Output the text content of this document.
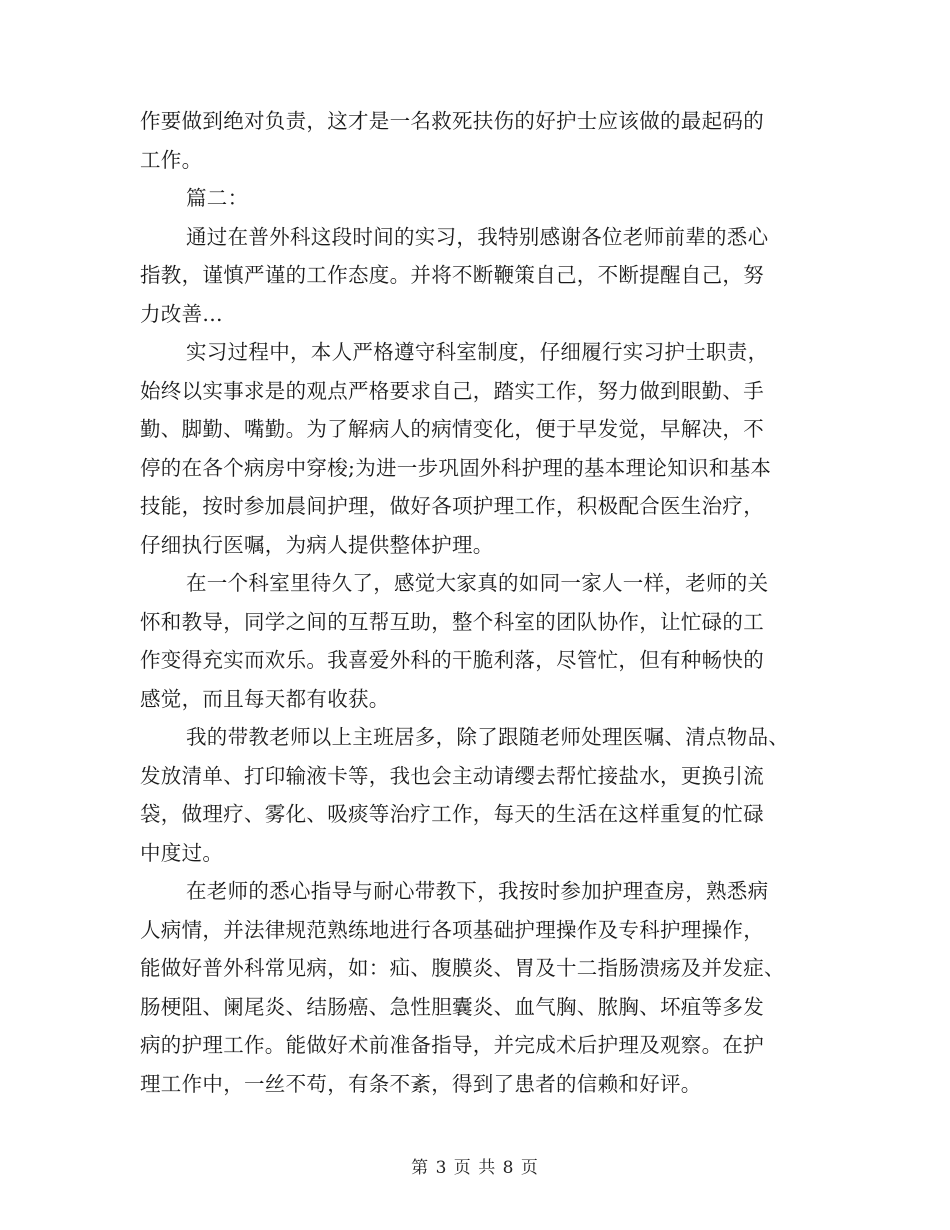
作要做到绝对负责，这才是一名救死扶伤的好护士应该做的最起码的
工作。
篇二：
通过在普外科这段时间的实习，我特别感谢各位老师前辈的悉心
指教，谨慎严谨的工作态度。并将不断鞭策自己，不断提醒自己，努
力改善...
实习过程中，本人严格遵守科室制度，仔细履行实习护士职责，
始终以实事求是的观点严格要求自己，踏实工作，努力做到眼勤、手
勤、脚勤、嘴勤。为了解病人的病情变化，便于早发觉，早解决，不
停的在各个病房中穿梭;为进一步巩固外科护理的基本理论知识和基本
技能，按时参加晨间护理，做好各项护理工作，积极配合医生治疗，
仔细执行医嘱，为病人提供整体护理。
在一个科室里待久了，感觉大家真的如同一家人一样，老师的关
怀和教导，同学之间的互帮互助，整个科室的团队协作，让忙碌的工
作变得充实而欢乐。我喜爱外科的干脆利落，尽管忙，但有种畅快的
感觉，而且每天都有收获。
我的带教老师以上主班居多，除了跟随老师处理医嘱、清点物品、
发放清单、打印输液卡等，我也会主动请缨去帮忙接盐水，更换引流
袋，做理疗、雾化、吸痰等治疗工作，每天的生活在这样重复的忙碌
中度过。
在老师的悉心指导与耐心带教下，我按时参加护理查房，熟悉病
人病情，并法律规范熟练地进行各项基础护理操作及专科护理操作，
能做好普外科常见病，如：疝、腹膜炎、胃及十二指肠溃疡及并发症、
肠梗阻、阑尾炎、结肠癌、急性胆囊炎、血气胸、脓胸、坏疽等多发
病的护理工作。能做好术前准备指导，并完成术后护理及观察。在护
理工作中，一丝不苟，有条不紊，得到了患者的信赖和好评。
第 3 页 共 8 页
